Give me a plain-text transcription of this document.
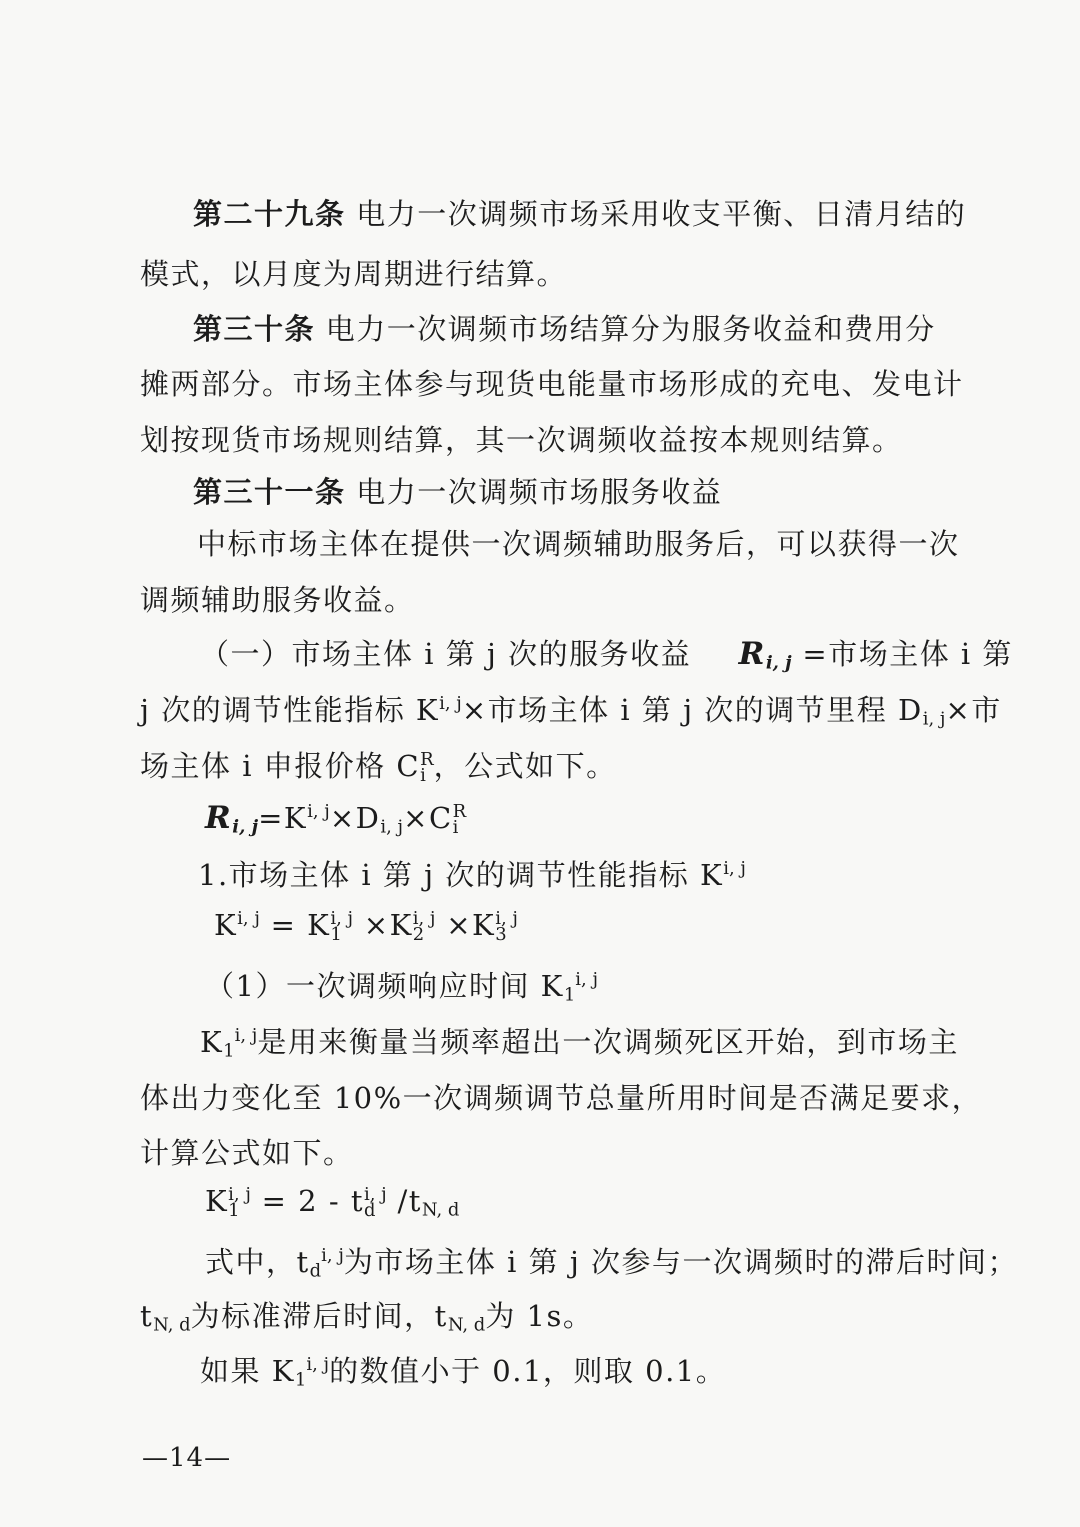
第二十九条 电力一次调频市场采用收支平衡、日清月结的
模式，以月度为周期进行结算。
第三十条 电力一次调频市场结算分为服务收益和费用分
摊两部分。市场主体参与现货电能量市场形成的充电、发电计
划按现货市场规则结算，其一次调频收益按本规则结算。
第三十一条 电力一次调频市场服务收益
中标市场主体在提供一次调频辅助服务后，可以获得一次
调频辅助服务收益。
（一）市场主体 i 第 j 次的服务收益 $R_{i, j}$ =市场主体 i 第
j 次的调节性能指标 K$^{i, j}$×市场主体 i 第 j 次的调节里程 $D_{i, j}\times$市
场主体 i 申报价格 $C^R$
i ，公式如下。
$R_{i, j}=K^{i, j}\times D_{i, j}\times C^R$
i
1.市场主体 i 第 j 次的调节性能指标 K$^{i, j}$
K$^{i, j}$ = K$^{i, j}$
$1 \times K^{i, j}$
$2 \times K^{i, j}$
3
（1）一次调频响应时间 $K_1^{i, j}$
$K_1^{i, j}$是用来衡量当频率超出一次调频死区开始，到市场主
体出力变化至 10%一次调频调节总量所用时间是否满足要求，
计算公式如下。
K$^{i, j}$
$1 = 2 - t^{i, j}$
d $/t_{N, d}$
式中，$t_d^{i, j}$为市场主体 i 第 j 次参与一次调频时的滞后时间；
$t_{N, d}$为标准滞后时间，$t_{N, d}$为 1s。
如果 $K_1^{i, j}$的数值小于 0.1，则取 0.1。
—14—
